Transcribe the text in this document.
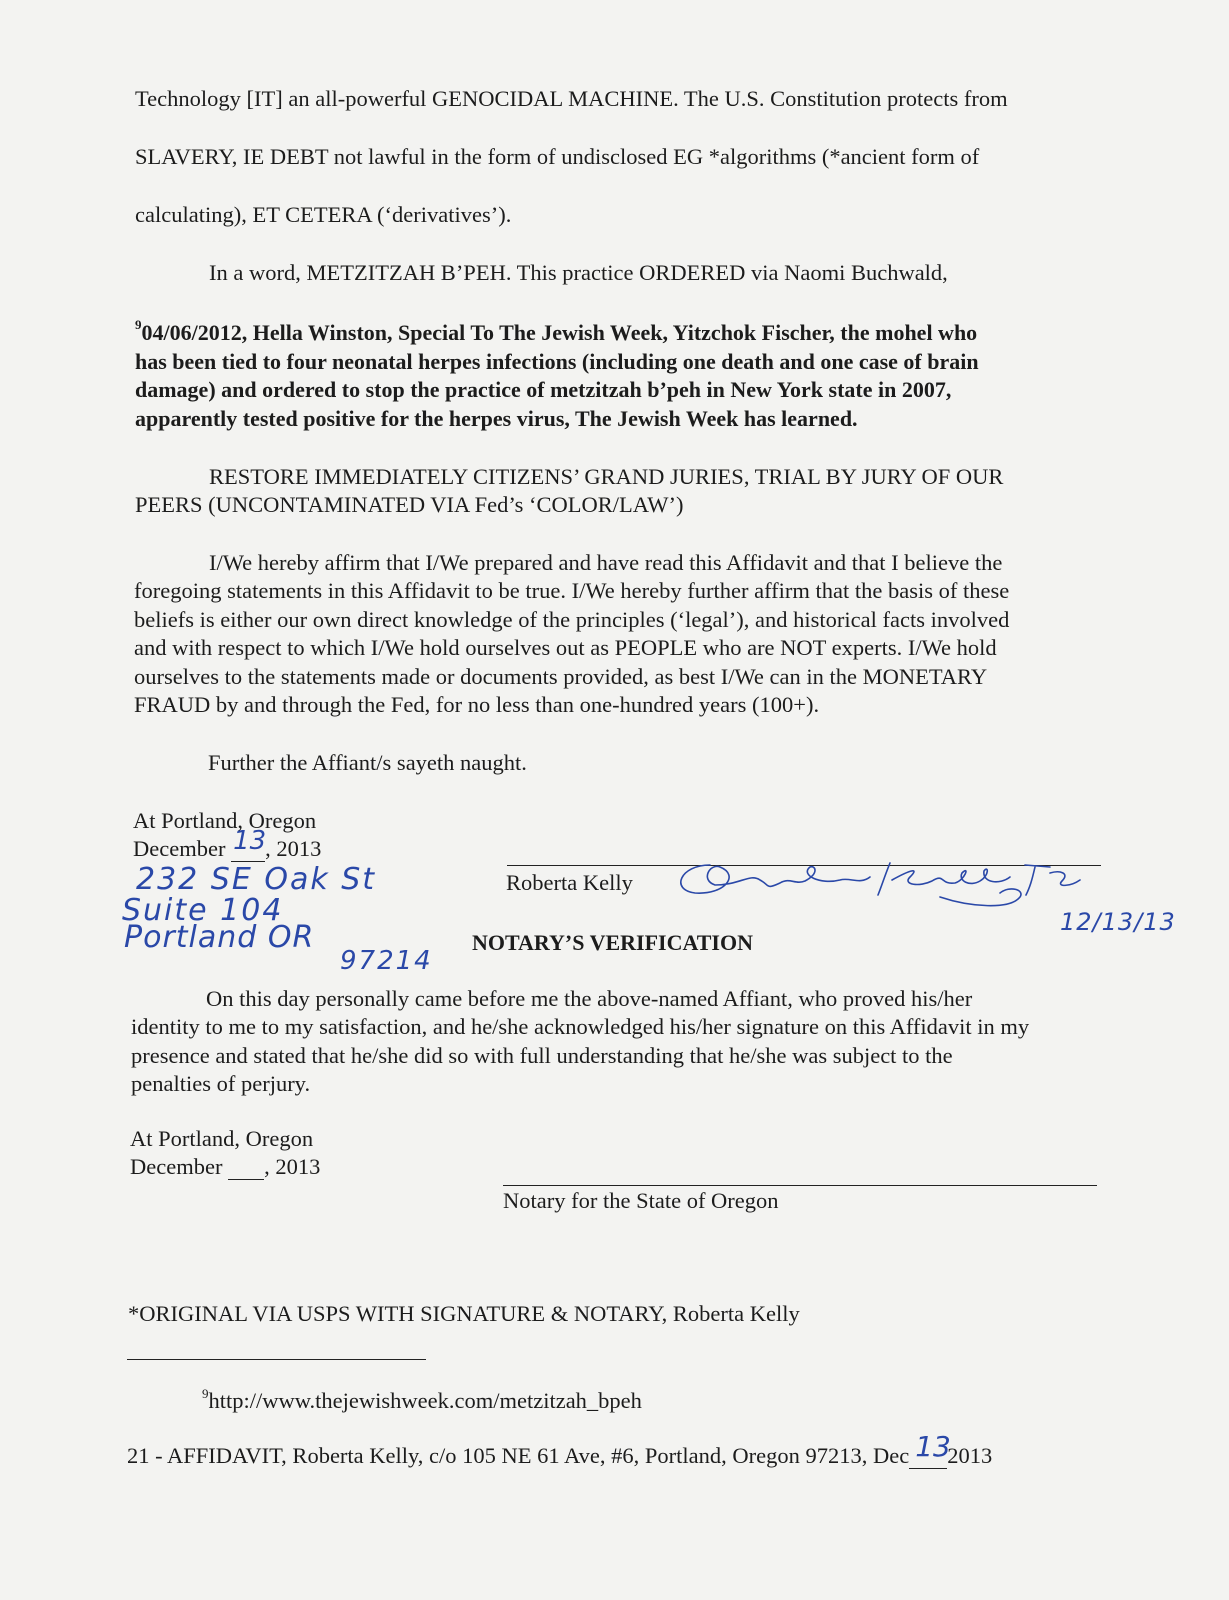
Technology [IT] an all-powerful GENOCIDAL MACHINE. The U.S. Constitution protects from
SLAVERY, IE DEBT not lawful in the form of undisclosed EG *algorithms (*ancient form of
calculating), ET CETERA (‘derivatives’).
In a word, METZITZAH B’PEH. This practice ORDERED via Naomi Buchwald,
$^9$04/06/2012, Hella Winston, Special To The Jewish Week, Yitzchok Fischer, the mohel who
has been tied to four neonatal herpes infections (including one death and one case of brain
damage) and ordered to stop the practice of metzitzah b’peh in New York state in 2007,
apparently tested positive for the herpes virus, The Jewish Week has learned.
RESTORE IMMEDIATELY CITIZENS’ GRAND JURIES, TRIAL BY JURY OF OUR
PEERS (UNCONTAMINATED VIA Fed’s ‘COLOR/LAW’)
I/We hereby affirm that I/We prepared and have read this Affidavit and that I believe the
foregoing statements in this Affidavit to be true. I/We hereby further affirm that the basis of these
beliefs is either our own direct knowledge of the principles (‘legal’), and historical facts involved
and with respect to which I/We hold ourselves out as PEOPLE who are NOT experts. I/We hold
ourselves to the statements made or documents provided, as best I/We can in the MONETARY
FRAUD by and through the Fed, for no less than one-hundred years (100+).
Further the Affiant/s sayeth naught.
At Portland, Oregon
December 13
, 2013
232 SE Oak St
Suite 104
Portland OR
97214
Roberta Kelly
12/13/13
NOTARY’S VERIFICATION
On this day personally came before me the above-named Affiant, who proved his/her
identity to me to my satisfaction, and he/she acknowledged his/her signature on this Affidavit in my
presence and stated that he/she did so with full understanding that he/she was subject to the
penalties of perjury.
At Portland, Oregon
December  , 2013
Notary for the State of Oregon
*ORIGINAL VIA USPS WITH SIGNATURE & NOTARY, Roberta Kelly
$^9$http://www.thejewishweek.com/metzitzah_bpeh
21 - AFFIDAVIT, Roberta Kelly, c/o 105 NE 61 Ave, #6, Portland, Oregon 97213, Dec 13
2013
